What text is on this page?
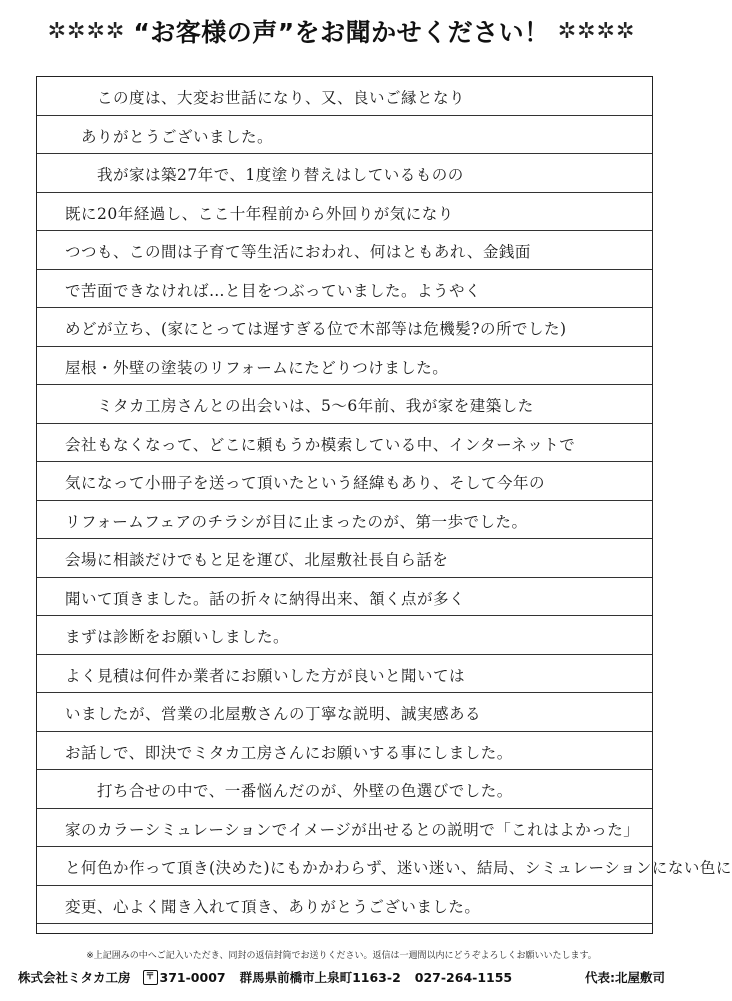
✲✲✲✲ “お客様の声”をお聞かせください！ ✲✲✲✲
　　この度は、大変お世話になり、又、良いご縁となり
　ありがとうございました。
　　我が家は築27年で、1度塗り替えはしているものの
既に20年経過し、ここ十年程前から外回りが気になり
つつも、この間は子育て等生活におわれ、何はともあれ、金銭面
で苦面できなければ…と目をつぶっていました。ようやく
めどが立ち、(家にとっては遅すぎる位で木部等は危機髪?の所でした)
屋根・外壁の塗装のリフォームにたどりつけました。
　　ミタカ工房さんとの出会いは、5〜6年前、我が家を建築した
会社もなくなって、どこに頼もうか模索している中、インターネットで
気になって小冊子を送って頂いたという経緯もあり、そして今年の
リフォームフェアのチラシが目に止まったのが、第一歩でした。
会場に相談だけでもと足を運び、北屋敷社長自ら話を
聞いて頂きました。話の折々に納得出来、頷く点が多く
まずは診断をお願いしました。
よく見積は何件か業者にお願いした方が良いと聞いては
いましたが、営業の北屋敷さんの丁寧な説明、誠実感ある
お話しで、即決でミタカ工房さんにお願いする事にしました。
　　打ち合せの中で、一番悩んだのが、外壁の色選びでした。
家のカラーシミュレーションでイメージが出せるとの説明で「これはよかった」
と何色か作って頂き(決めた)にもかかわらず、迷い迷い、結局、シミュレーションにない色に
変更、心よく聞き入れて頂き、ありがとうございました。
※上記囲みの中へご記入いただき、同封の返信封筒でお送りください。返信は一週間以内にどうぞよろしくお願いいたします。
株式会社ミタカ工房	〒 371-0007 群馬県前橋市上泉町1163-2 027-264-1155	代表:北屋敷司
